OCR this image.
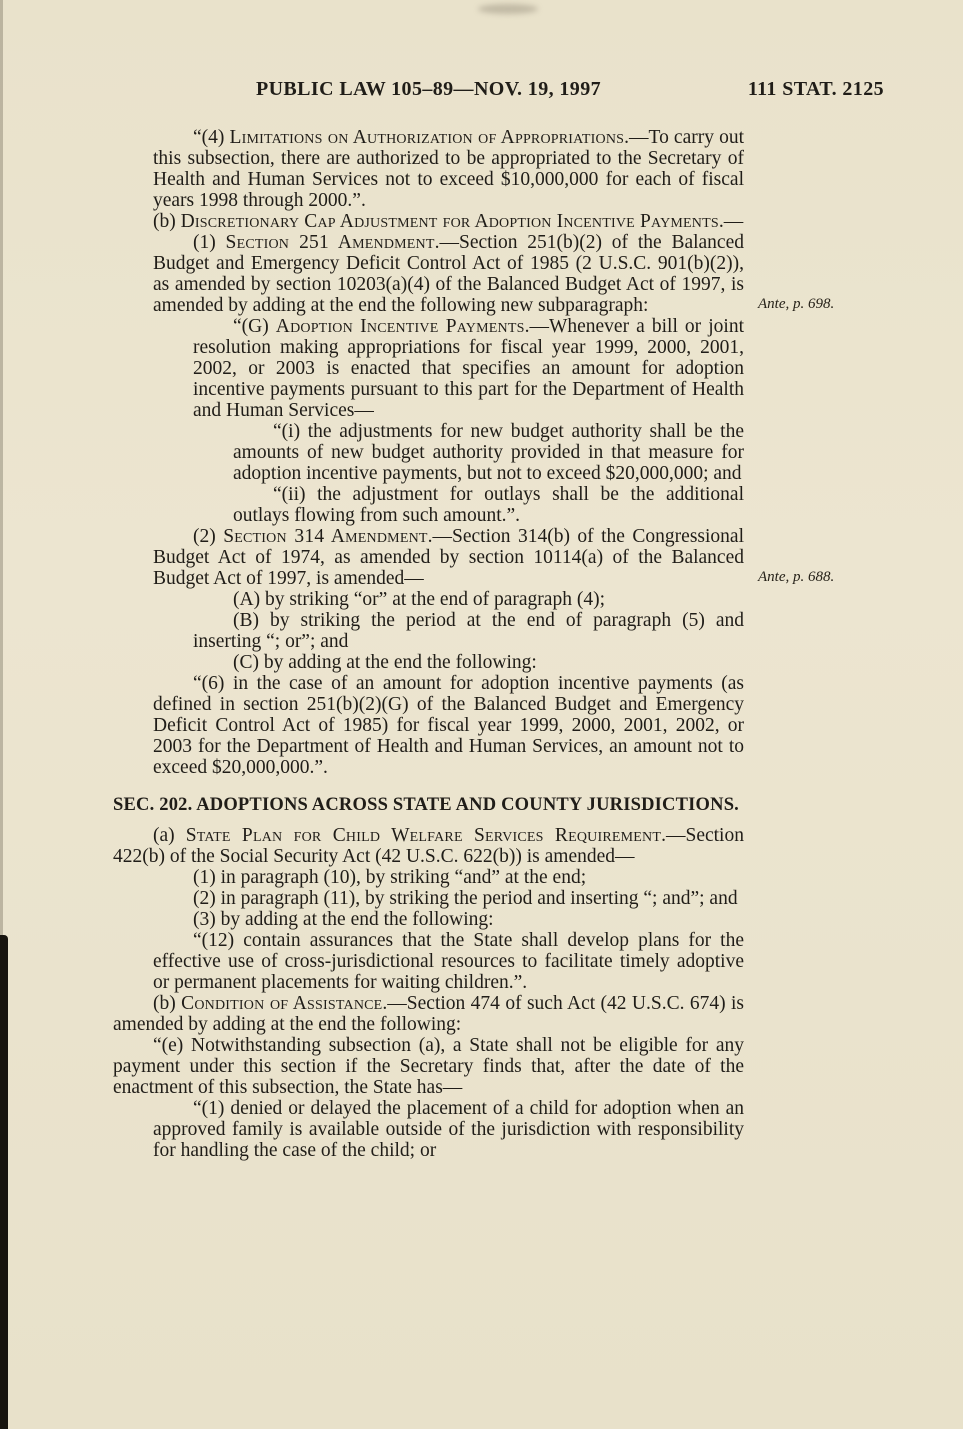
PUBLIC LAW 105–89—NOV. 19, 1997	111 STAT. 2125

“(4) Limitations on Authorization of Appropriations.—To carry out this subsection, there are authorized to be appropriated to the Secretary of Health and Human Services not to exceed $10,000,000 for each of fiscal years 1998 through 2000.”.

(b) Discretionary Cap Adjustment for Adoption Incentive Payments.—

(1) Section 251 Amendment.—Section 251(b)(2) of the Balanced Budget and Emergency Deficit Control Act of 1985 (2 U.S.C. 901(b)(2)), as amended by section 10203(a)(4) of the Balanced Budget Act of 1997, is amended by adding at the end the following new subparagraph:	Ante, p. 698.

“(G) Adoption Incentive Payments.—Whenever a bill or joint resolution making appropriations for fiscal year 1999, 2000, 2001, 2002, or 2003 is enacted that specifies an amount for adoption incentive payments pursuant to this part for the Department of Health and Human Services—

“(i) the adjustments for new budget authority shall be the amounts of new budget authority provided in that measure for adoption incentive payments, but not to exceed $20,000,000; and

“(ii) the adjustment for outlays shall be the additional outlays flowing from such amount.”.

(2) Section 314 Amendment.—Section 314(b) of the Congressional Budget Act of 1974, as amended by section 10114(a) of the Balanced Budget Act of 1997, is amended—	Ante, p. 688.

(A) by striking “or” at the end of paragraph (4);

(B) by striking the period at the end of paragraph (5) and inserting “; or”; and

(C) by adding at the end the following:

“(6) in the case of an amount for adoption incentive payments (as defined in section 251(b)(2)(G) of the Balanced Budget and Emergency Deficit Control Act of 1985) for fiscal year 1999, 2000, 2001, 2002, or 2003 for the Department of Health and Human Services, an amount not to exceed $20,000,000.”.

SEC. 202. ADOPTIONS ACROSS STATE AND COUNTY JURISDICTIONS.

(a) State Plan for Child Welfare Services Requirement.—Section 422(b) of the Social Security Act (42 U.S.C. 622(b)) is amended—

(1) in paragraph (10), by striking “and” at the end;

(2) in paragraph (11), by striking the period and inserting “; and”; and

(3) by adding at the end the following:

“(12) contain assurances that the State shall develop plans for the effective use of cross-jurisdictional resources to facilitate timely adoptive or permanent placements for waiting children.”.

(b) Condition of Assistance.—Section 474 of such Act (42 U.S.C. 674) is amended by adding at the end the following:

“(e) Notwithstanding subsection (a), a State shall not be eligible for any payment under this section if the Secretary finds that, after the date of the enactment of this subsection, the State has—

“(1) denied or delayed the placement of a child for adoption when an approved family is available outside of the jurisdiction with responsibility for handling the case of the child; or
